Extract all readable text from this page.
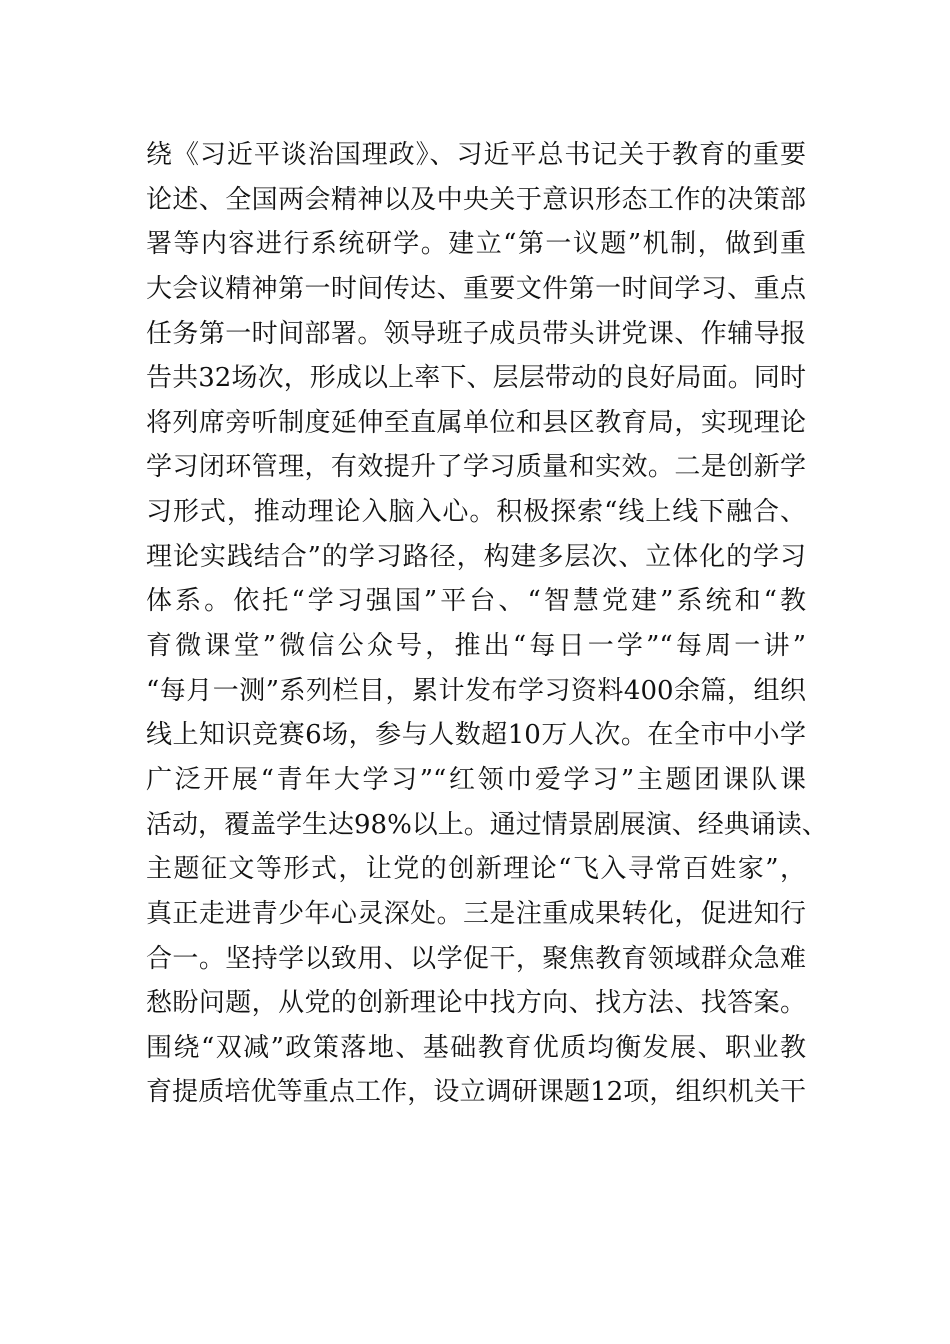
绕《习近平谈治国理政》、习近平总书记关于教育的重要
论述、全国两会精神以及中央关于意识形态工作的决策部
署等内容进行系统研学。建立“第一议题”机制，做到重
大会议精神第一时间传达、重要文件第一时间学习、重点
任务第一时间部署。领导班子成员带头讲党课、作辅导报
告共32场次，形成以上率下、层层带动的良好局面。同时
将列席旁听制度延伸至直属单位和县区教育局，实现理论
学习闭环管理，有效提升了学习质量和实效。二是创新学
习形式，推动理论入脑入心。积极探索“线上线下融合、
理论实践结合”的学习路径，构建多层次、立体化的学习
体系。依托“学习强国”平台、“智慧党建”系统和“教
育微课堂”微信公众号，推出“每日一学”“每周一讲”
“每月一测”系列栏目，累计发布学习资料400余篇，组织
线上知识竞赛6场，参与人数超10万人次。在全市中小学
广泛开展“青年大学习”“红领巾爱学习”主题团课队课
活动，覆盖学生达98%以上。通过情景剧展演、经典诵读、
主题征文等形式，让党的创新理论“飞入寻常百姓家”，
真正走进青少年心灵深处。三是注重成果转化，促进知行
合一。坚持学以致用、以学促干，聚焦教育领域群众急难
愁盼问题，从党的创新理论中找方向、找方法、找答案。
围绕“双减”政策落地、基础教育优质均衡发展、职业教
育提质培优等重点工作，设立调研课题12项，组织机关干
